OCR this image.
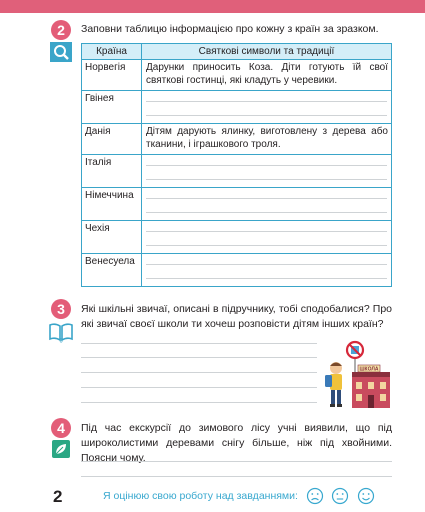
2	Заповни таблицю інформацією про кожну з країн за зразком.
Країна	Святкові символи та традиції
Норвегія	Дарунки приносить Коза. Діти готують їй свої святкові гостинці, які кладуть у черевики.

Гвінея	

Данія	Дітям дарують ялинку, виготовлену з дерева або тканини, і іграшкового троля.

Італія	

Німеччина	

Чехія	

Венесуела	
3
6
Які шкільні звичаї, описані в підручнику, тобі сподобалися? Про які звичаї своєї школи ти хочеш розповісти дітям інших країн?
ШКОЛА
4	Під час екскурсії до зимового лісу учні виявили, що під широколистими деревами снігу більше, ніж під хвойними. Поясни чому.
2	Я оцінюю свою роботу над завданнями:
